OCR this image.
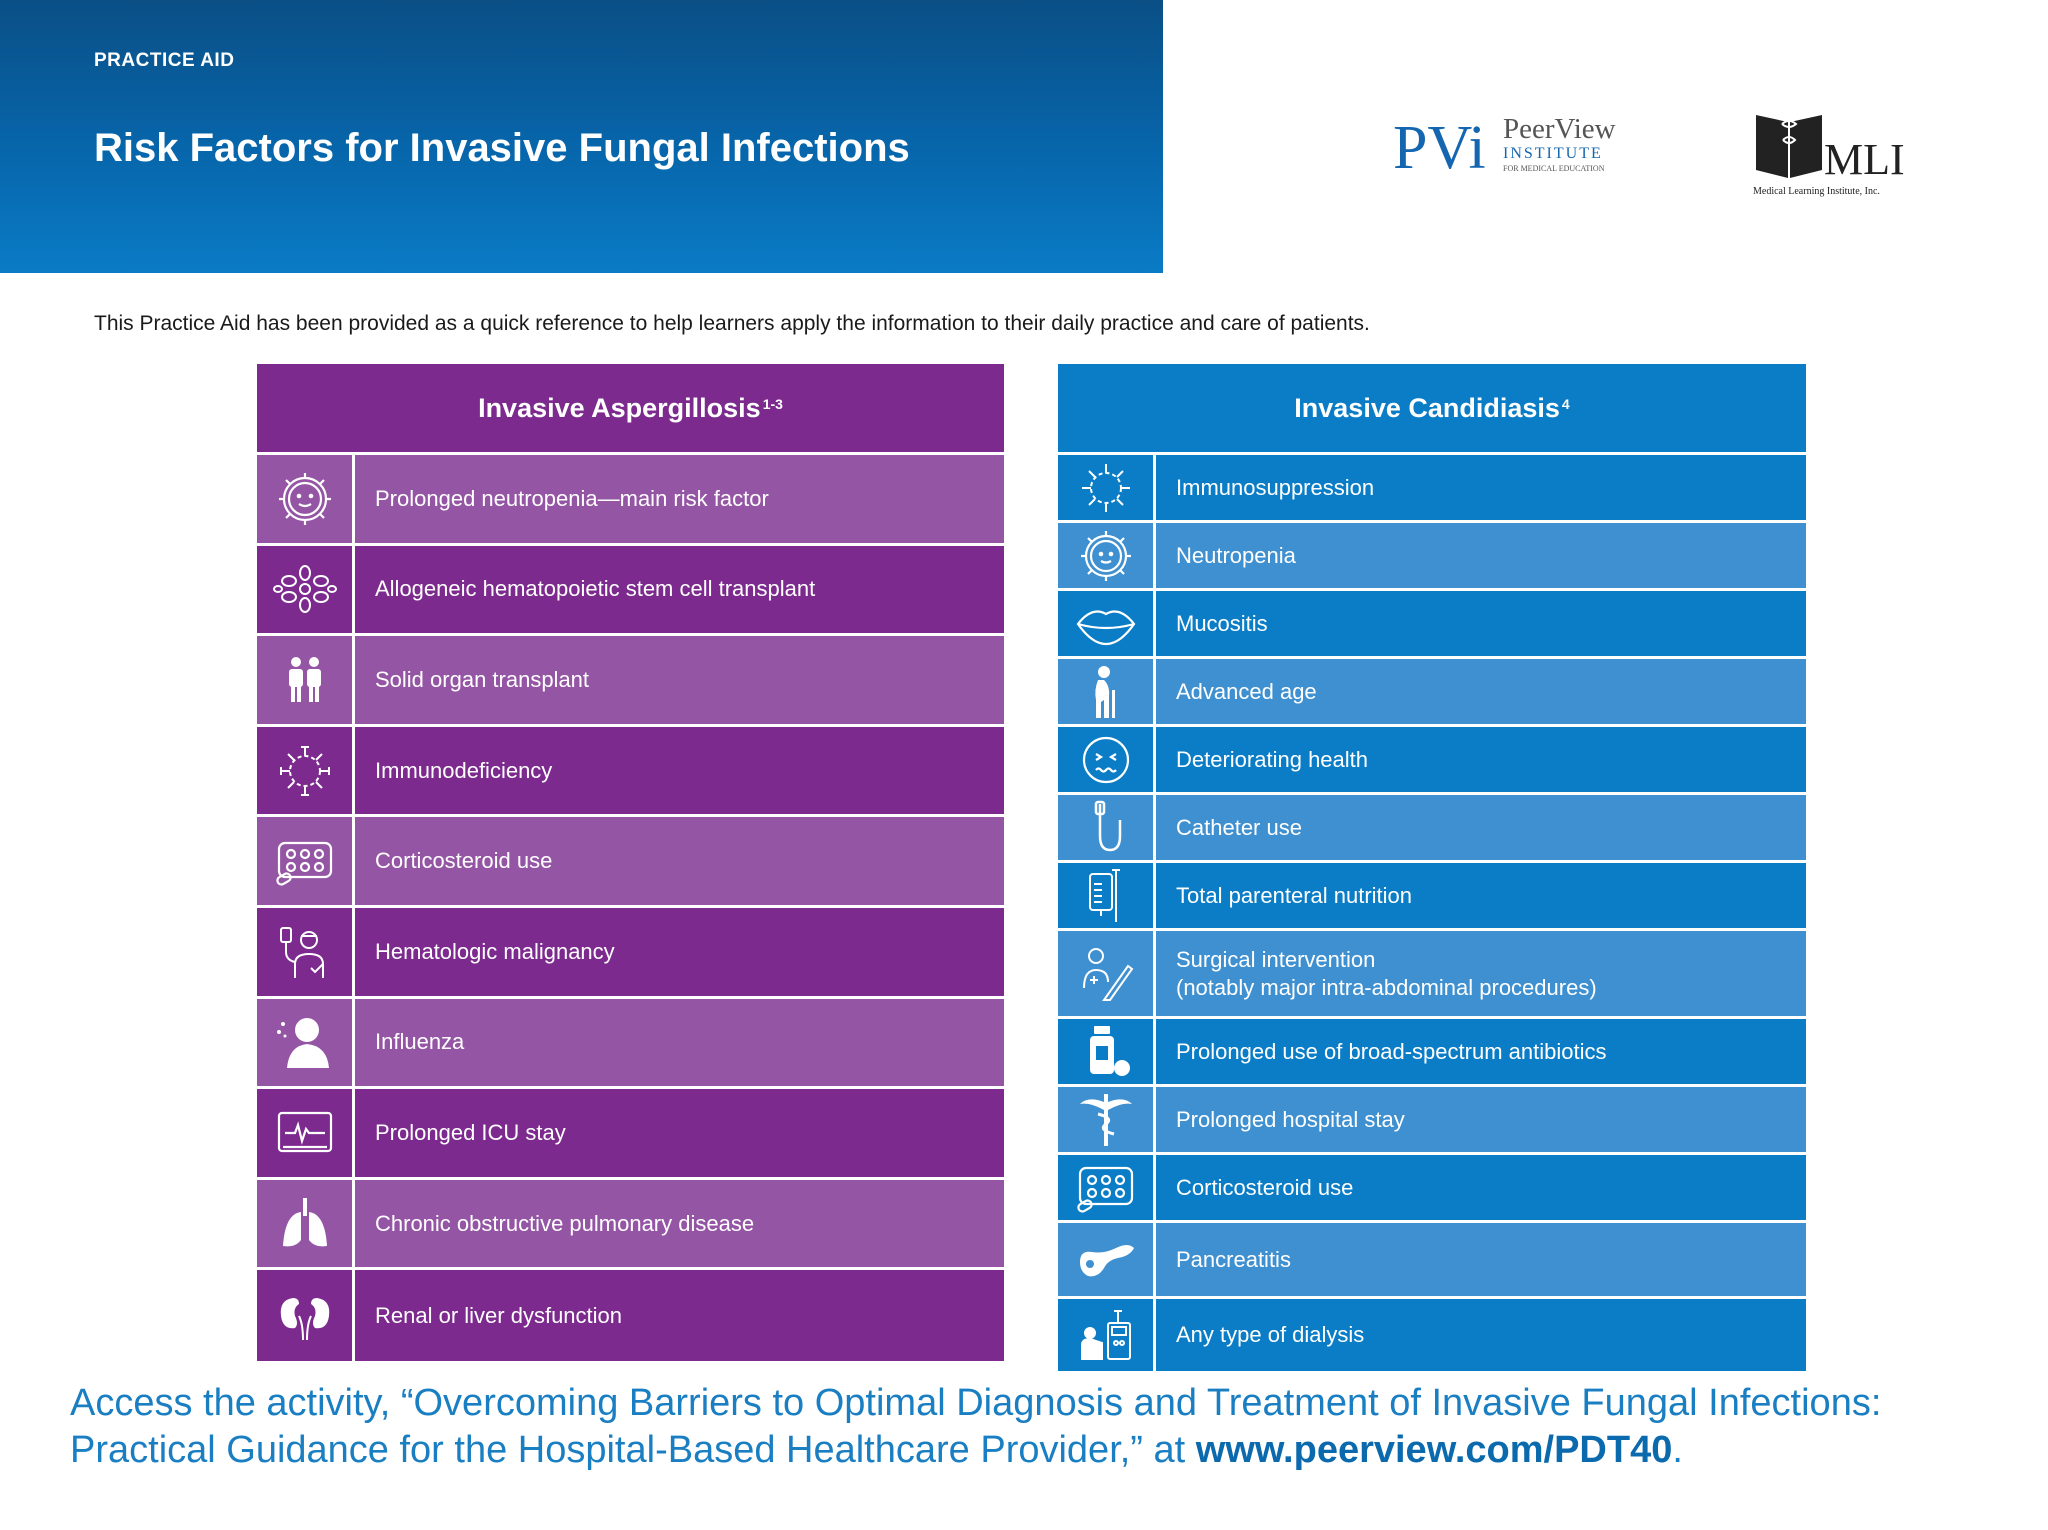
PRACTICE AID
Risk Factors for Invasive Fungal Infections	PVi PeerView
INSTITUTE
FOR MEDICAL EDUCATION	MLI
Medical Learning Institute, Inc.
This Practice Aid has been provided as a quick reference to help learners apply the information to their daily practice and care of patients.
Invasive Aspergillosis$^{1-3}$
Prolonged neutropenia—main risk factor
Allogeneic hematopoietic stem cell transplant
Solid organ transplant
Immunodeficiency
Corticosteroid use
Hematologic malignancy
Influenza
Prolonged ICU stay
Chronic obstructive pulmonary disease
Renal or liver dysfunction
Invasive Candidiasis$^4$
Immunosuppression
Neutropenia
Mucositis
Advanced age
Deteriorating health
Catheter use
Total parenteral nutrition
Surgical intervention
(notably major intra-abdominal procedures)
Prolonged use of broad-spectrum antibiotics
Prolonged hospital stay
Corticosteroid use
Pancreatitis
Any type of dialysis
Access the activity, “Overcoming Barriers to Optimal Diagnosis and Treatment of Invasive Fungal Infections:
Practical Guidance for the Hospital-Based Healthcare Provider,” at www.peerview.com/PDT40.
